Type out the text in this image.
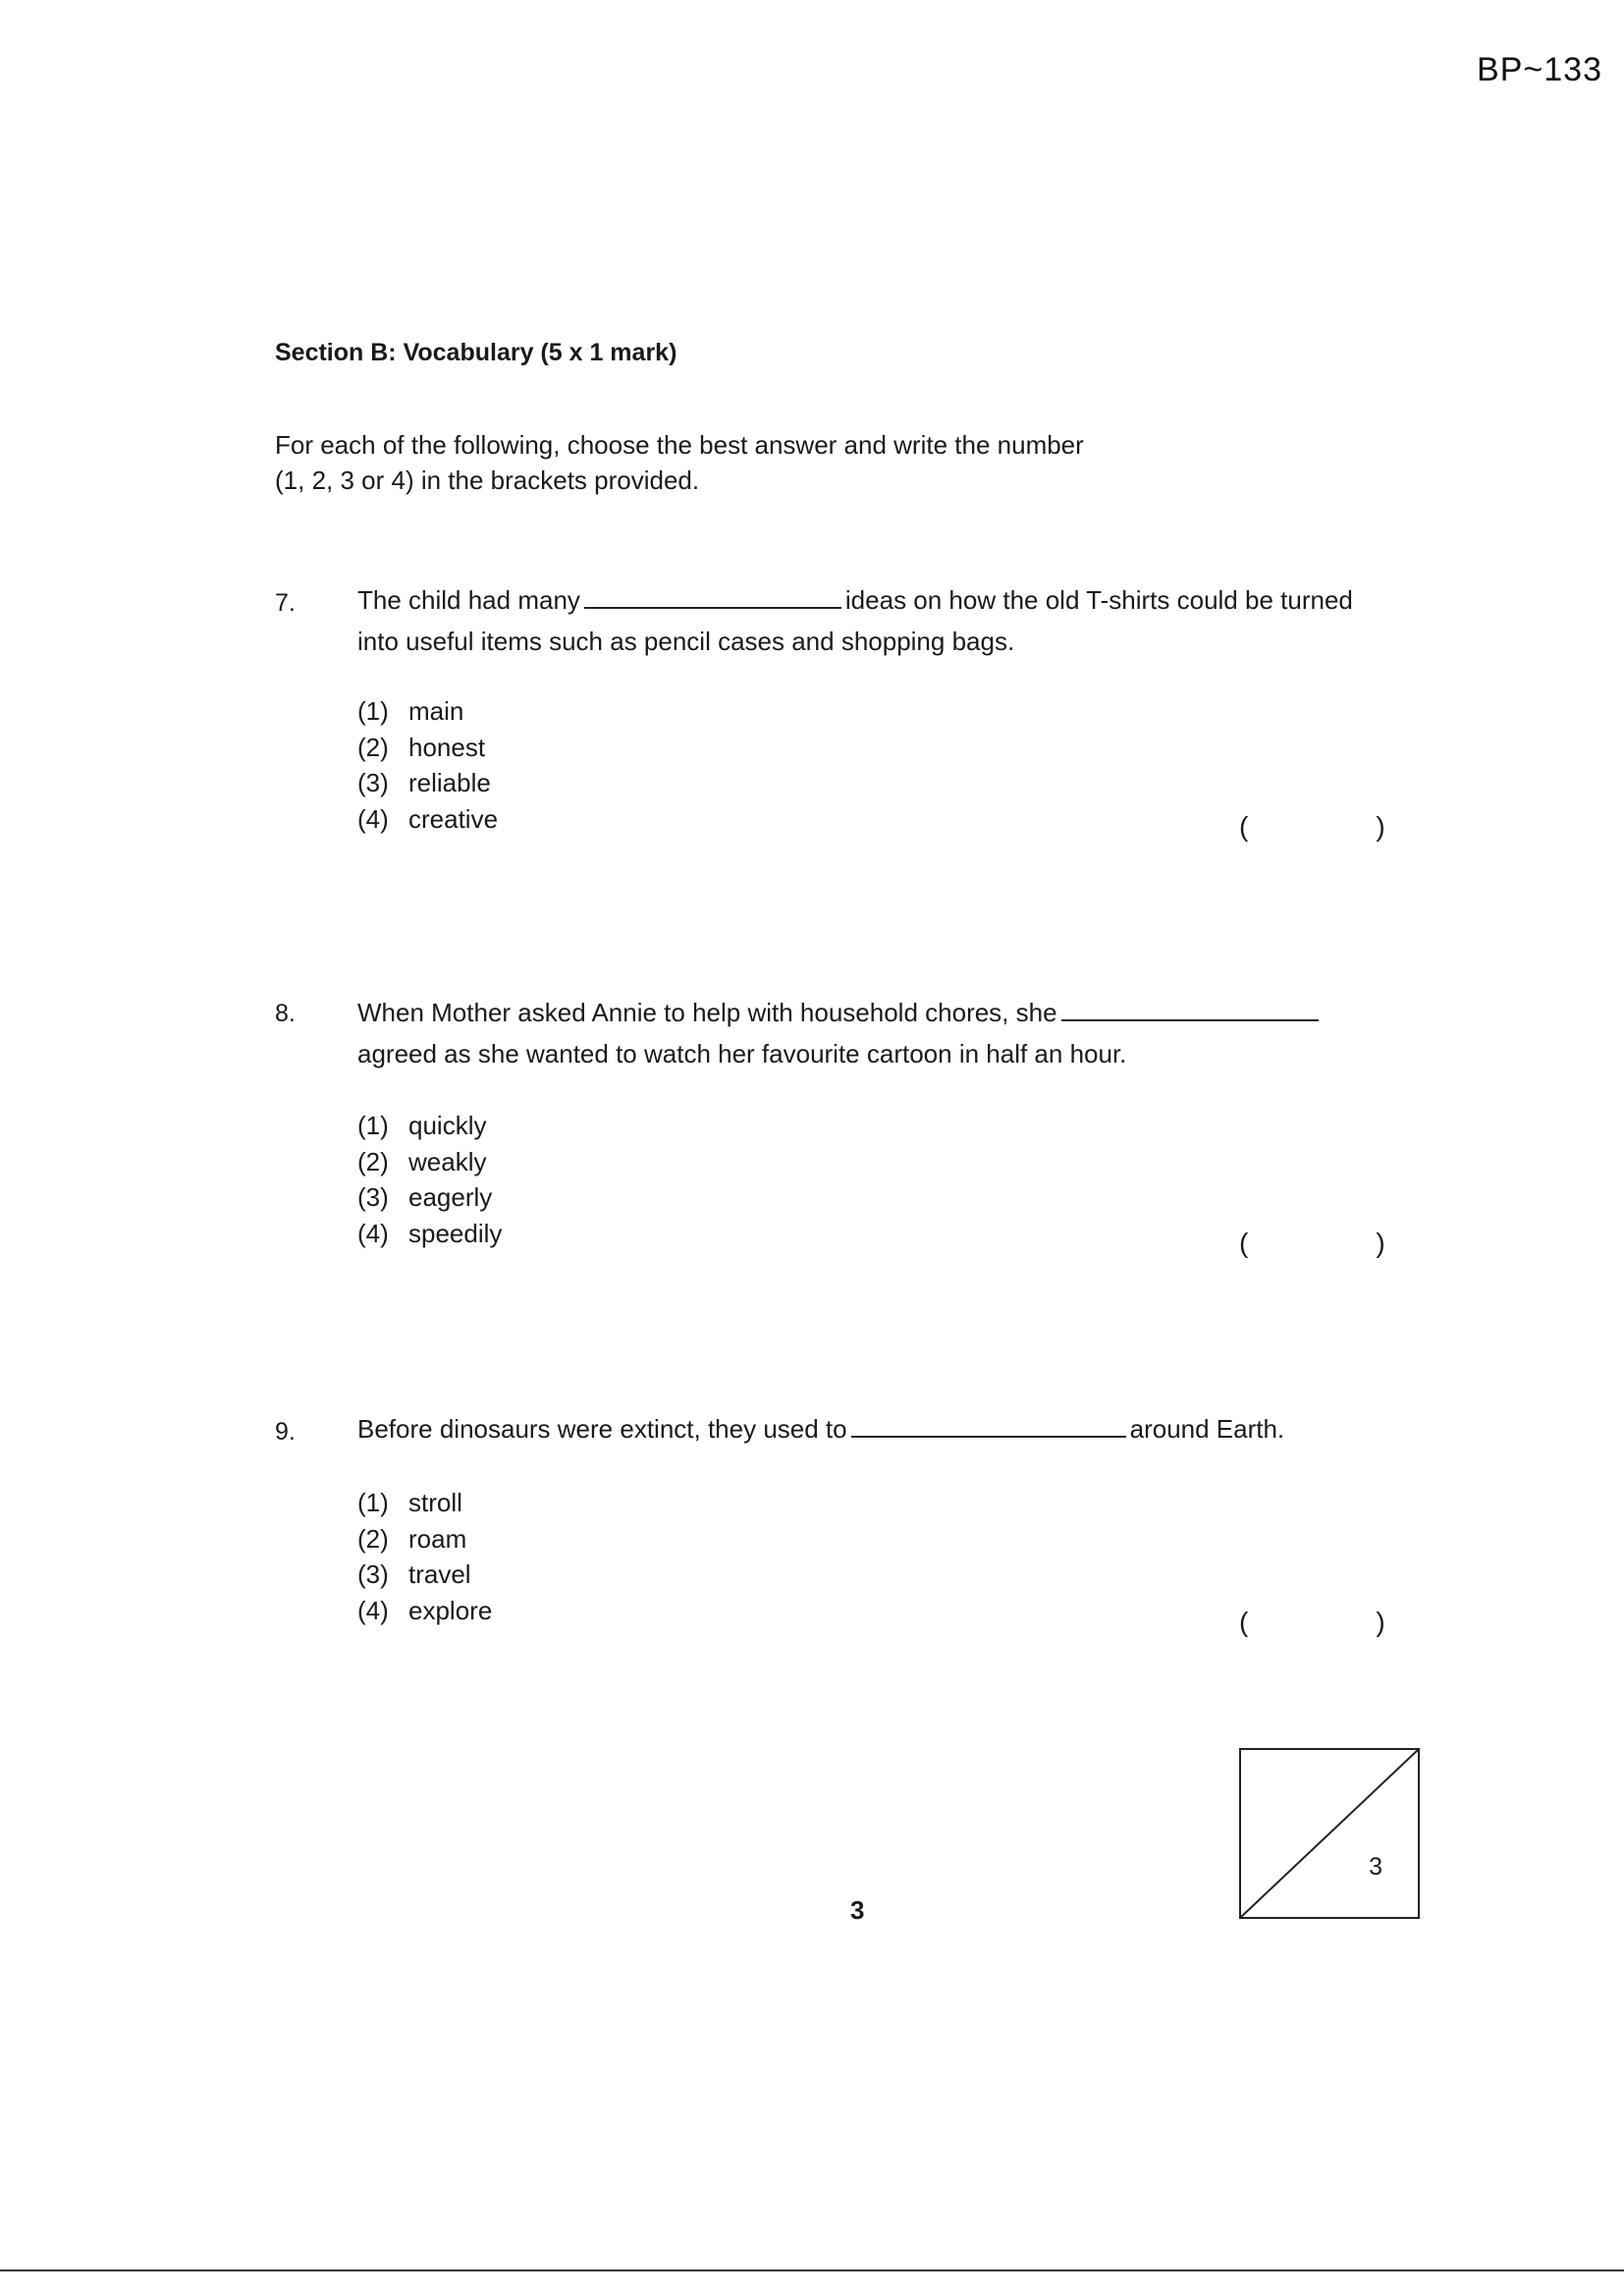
BP~133
Section B: Vocabulary (5 x 1 mark)
For each of the following, choose the best answer and write the number
(1, 2, 3 or 4) in the brackets provided.
7. The child had many	ideas on how the old T-shirts could be turned
into useful items such as pencil cases and shopping bags.
(1) main
(2) honest
(3) reliable
(4) creative	(	)
8. When Mother asked Annie to help with household chores, she
agreed as she wanted to watch her favourite cartoon in half an hour.
(1) quickly
(2) weakly
(3) eagerly
(4) speedily	(	)
9. Before dinosaurs were extinct, they used to	around Earth.
(1) stroll
(2) roam
(3) travel
(4) explore	(	)
3
3
